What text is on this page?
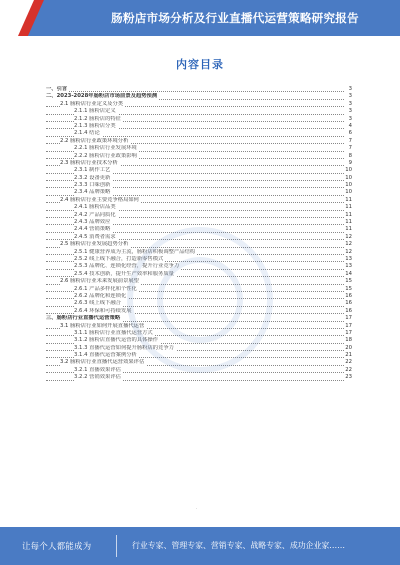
肠粉店市场分析及行业直播代运营策略研究报告
内容目录
一、引言	3
二、2023-2028年肠粉店市场前景及趋势预测	3
2.1 肠粉店行业定义及分类	3
2.1.1 肠粉店定义	3
2.1.2 肠粉店的特征	3
2.1.3 肠粉店分类	4
2.1.4 结论	6
2.2 肠粉店行业政策环境分析	7
2.2.1 肠粉店行业发展环境	7
2.2.2 肠粉店行业政策影响	8
2.3 肠粉店行业技术分析	9
2.3.1 制作工艺	10
2.3.2 设备更新	10
2.3.3 口味创新	10
2.3.4 品牌策略	10
2.4 肠粉店行业主要竞争格局如何	11
2.4.1 肠粉店品类	11
2.4.2 产品同质化	11
2.4.3 品牌效应	11
2.4.4 营销策略	11
2.4.5 消费者需求	12
2.5 肠粉店行业发展趋势分析	12
2.5.1 健康营养成为主流，肠粉店积极调整产品结构	12
2.5.2 线上线下融合，打造新零售模式	13
2.5.3 品牌化、连锁化经营，提升行业竞争力	13
2.5.4 技术创新，提升生产效率和服务质量	14
2.6 肠粉店行业未来发展前景展望	15
2.6.1 产品多样化和个性化	15
2.6.2 品牌化和连锁化	16
2.6.3 线上线下融合	16
2.6.4 环保和可持续发展	16
三、肠粉店行业直播代运营策略	17
3.1 肠粉店行业如何开展直播代运营	17
3.1.1 肠粉店行业直播代运营方式	17
3.1.2 肠粉店直播代运营的具体操作	18
3.1.3 直播代运营如何提升肠粉店的竞争力	20
3.1.4 直播代运营案例分析	21
3.2 肠粉店行业直播代运营效果评估	22
3.2.1 直播效果评估	22
3.2.2 营销效果评估	23
·
让每个人都能成为	行业专家、管理专家、营销专家、战略专家、成功企业家……
